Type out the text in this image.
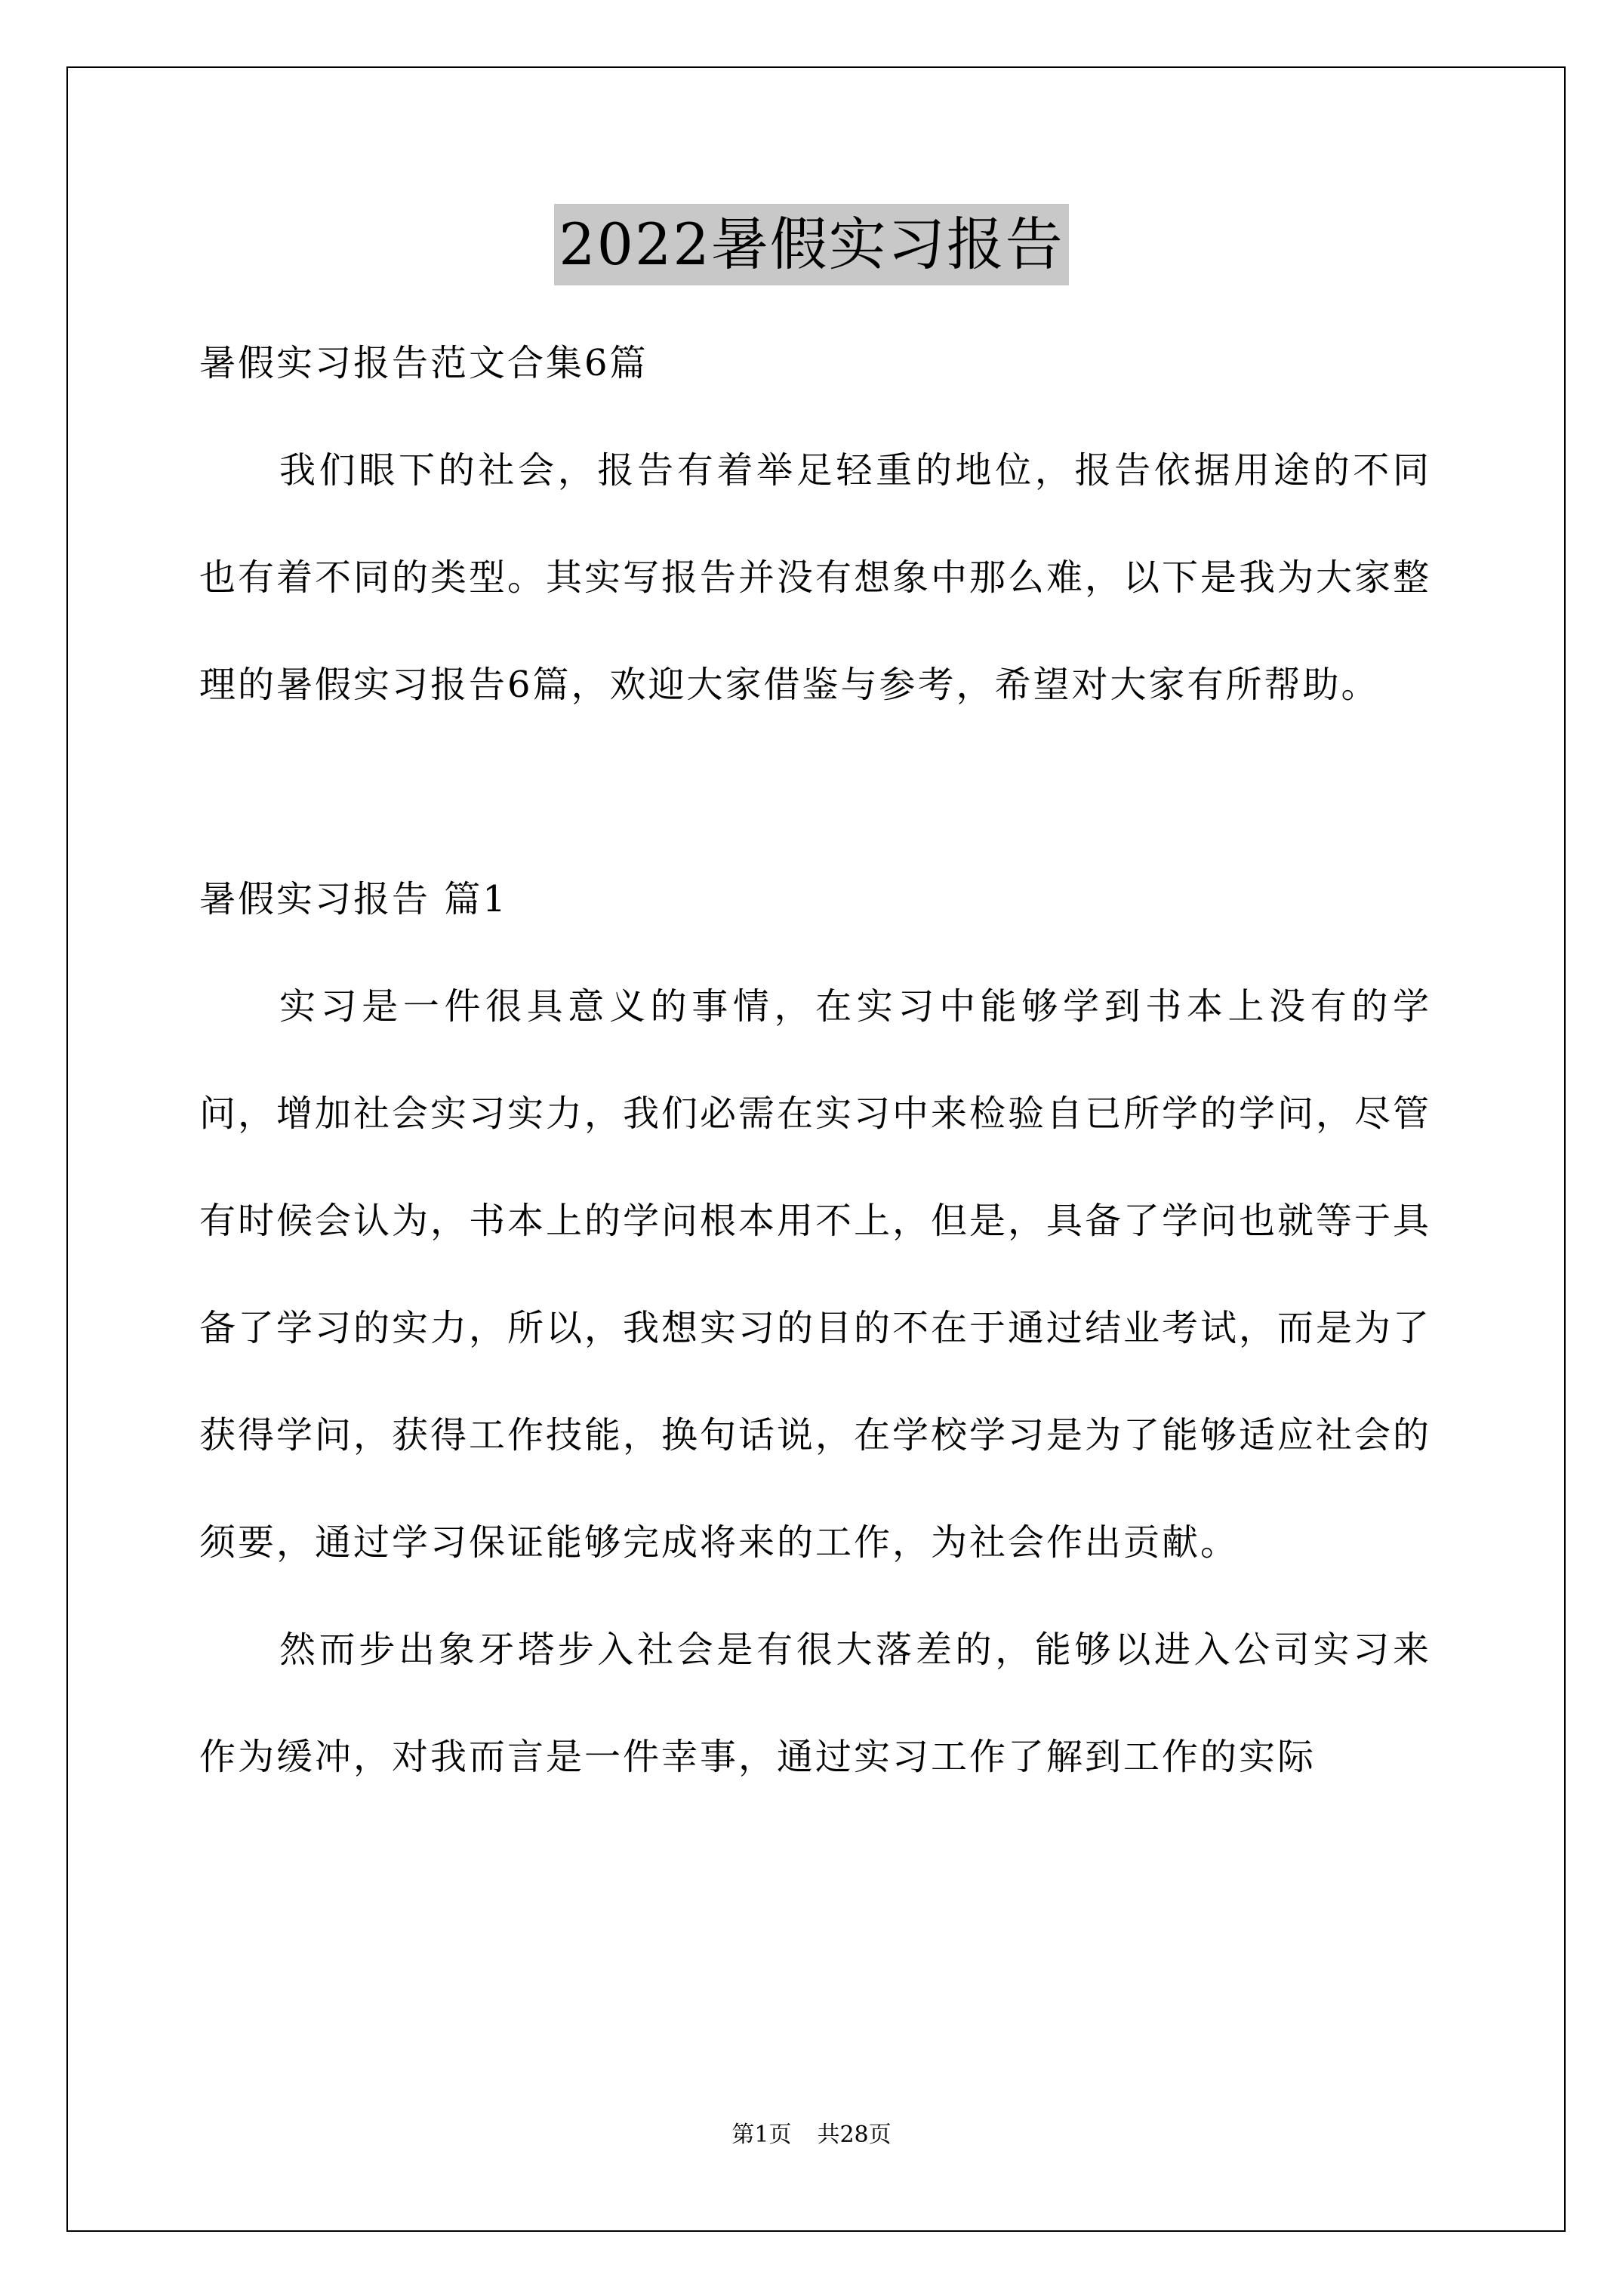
2022暑假实习报告

暑假实习报告范文合集6篇

我们眼下的社会，报告有着举足轻重的地位，报告依据用途的不同也有着不同的类型。其实写报告并没有想象中那么难，以下是我为大家整理的暑假实习报告6篇，欢迎大家借鉴与参考，希望对大家有所帮助。

暑假实习报告 篇1

实习是一件很具意义的事情，在实习中能够学到书本上没有的学问，增加社会实习实力，我们必需在实习中来检验自已所学的学问，尽管有时候会认为，书本上的学问根本用不上，但是，具备了学问也就等于具备了学习的实力，所以，我想实习的目的不在于通过结业考试，而是为了获得学问，获得工作技能，换句话说，在学校学习是为了能够适应社会的须要，通过学习保证能够完成将来的工作，为社会作出贡献。

然而步出象牙塔步入社会是有很大落差的，能够以进入公司实习来作为缓冲，对我而言是一件幸事，通过实习工作了解到工作的实际

第1页 共28页
